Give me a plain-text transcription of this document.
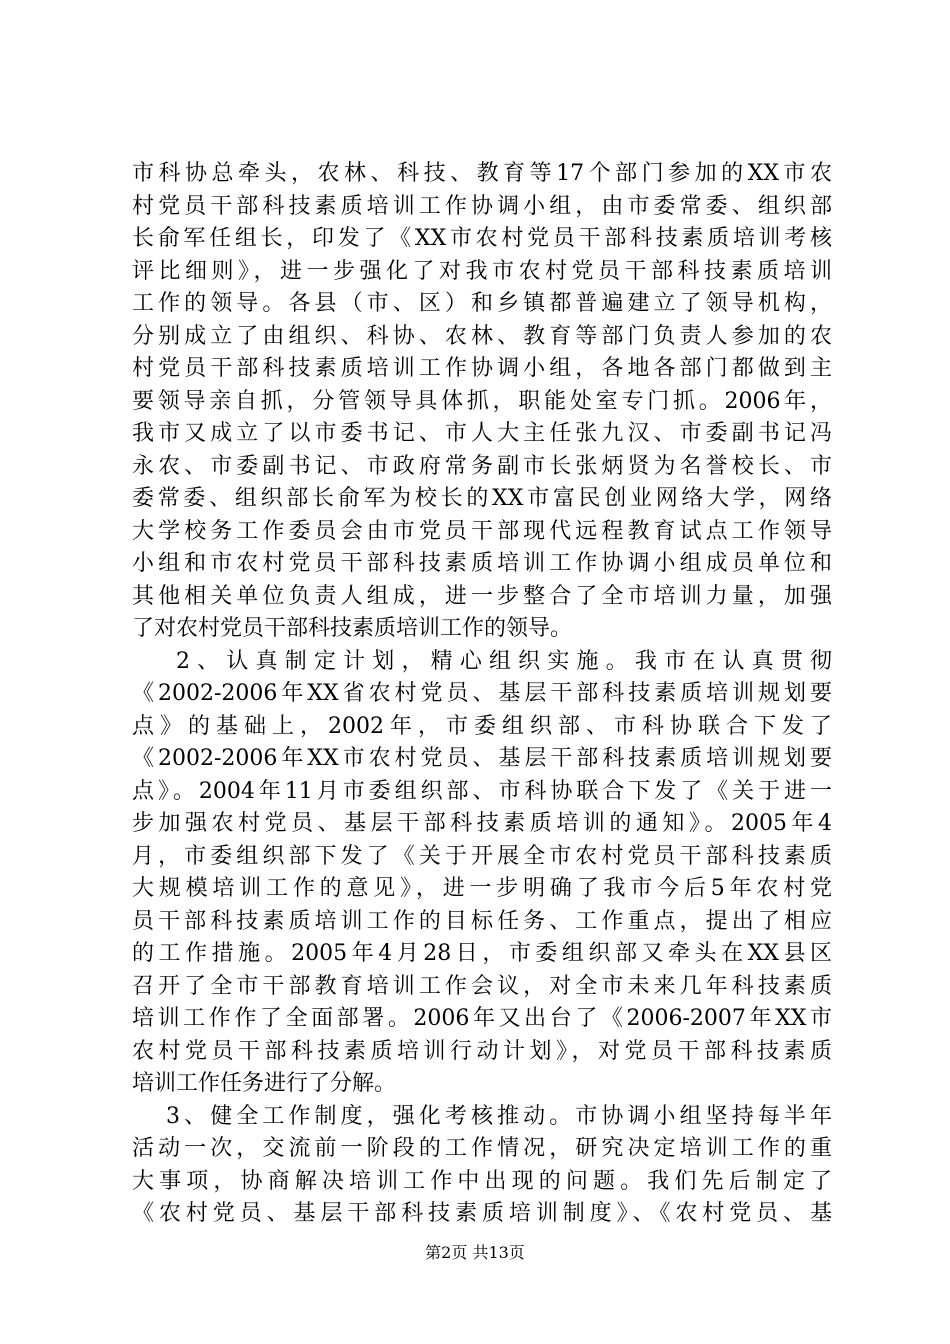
市科协总牵头，农林、科技、教育等17个部门参加的XX市农
村党员干部科技素质培训工作协调小组，由市委常委、组织部
长俞军任组长，印发了《XX市农村党员干部科技素质培训考核
评比细则》，进一步强化了对我市农村党员干部科技素质培训
工作的领导。各县（市、区）和乡镇都普遍建立了领导机构，
分别成立了由组织、科协、农林、教育等部门负责人参加的农
村党员干部科技素质培训工作协调小组，各地各部门都做到主
要领导亲自抓，分管领导具体抓，职能处室专门抓。2006年，
我市又成立了以市委书记、市人大主任张九汉、市委副书记冯
永农、市委副书记、市政府常务副市长张炳贤为名誉校长、市
委常委、组织部长俞军为校长的XX市富民创业网络大学，网络
大学校务工作委员会由市党员干部现代远程教育试点工作领导
小组和市农村党员干部科技素质培训工作协调小组成员单位和
其他相关单位负责人组成，进一步整合了全市培训力量，加强
了对农村党员干部科技素质培训工作的领导。
2、认真制定计划，精心组织实施。我市在认真贯彻
《2002-2006年XX省农村党员、基层干部科技素质培训规划要
点》的基础上，2002年，市委组织部、市科协联合下发了
《2002-2006年XX市农村党员、基层干部科技素质培训规划要
点》。2004年11月市委组织部、市科协联合下发了《关于进一
步加强农村党员、基层干部科技素质培训的通知》。2005年4
月，市委组织部下发了《关于开展全市农村党员干部科技素质
大规模培训工作的意见》，进一步明确了我市今后5年农村党
员干部科技素质培训工作的目标任务、工作重点，提出了相应
的工作措施。2005年4月28日，市委组织部又牵头在XX县区
召开了全市干部教育培训工作会议，对全市未来几年科技素质
培训工作作了全面部署。2006年又出台了《2006-2007年XX市
农村党员干部科技素质培训行动计划》，对党员干部科技素质
培训工作任务进行了分解。
3、健全工作制度，强化考核推动。市协调小组坚持每半年
活动一次，交流前一阶段的工作情况，研究决定培训工作的重
大事项，协商解决培训工作中出现的问题。我们先后制定了
《农村党员、基层干部科技素质培训制度》、《农村党员、基
第2页 共13页
